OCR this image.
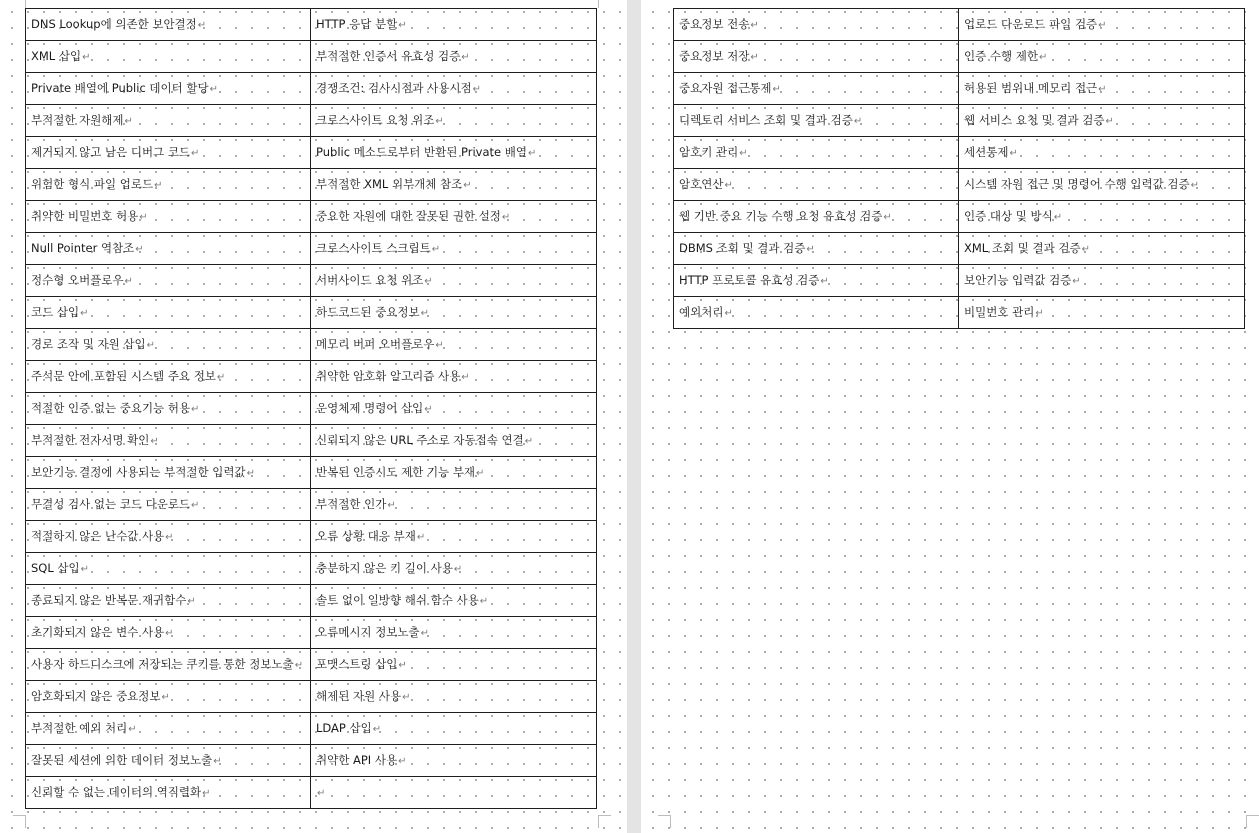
DNS Lookup에 의존한 보안결정↵	HTTP 응답 분할↵
XML 삽입↵	부적절한 인증서 유효성 검증↵
Private 배열에 Public 데이터 할당↵	경쟁조건: 검사시점과 사용시점↵
부적절한 자원해제↵	크로스사이트 요청 위조↵
제거되지 않고 남은 디버그 코드↵	Public 메소드로부터 반환된 Private 배열↵
위험한 형식 파일 업로드↵	부적절한 XML 외부개체 참조↵
취약한 비밀번호 허용↵	중요한 자원에 대한 잘못된 권한 설정↵
Null Pointer 역참조↵	크로스사이트 스크립트↵
정수형 오버플로우↵	서버사이드 요청 위조↵
코드 삽입↵	하드코드된 중요정보↵
경로 조작 및 자원 삽입↵	메모리 버퍼 오버플로우↵
주석문 안에 포함된 시스템 주요 정보↵	취약한 암호화 알고리즘 사용↵
적절한 인증 없는 중요기능 허용↵	운영체제 명령어 삽입↵
부적절한 전자서명 확인↵	신뢰되지 않은 URL 주소로 자동접속 연결↵
보안기능 결정에 사용되는 부적절한 입력값↵	반복된 인증시도 제한 기능 부재↵
무결성 검사 없는 코드 다운로드↵	부적절한 인가↵
적절하지 않은 난수값 사용↵	오류 상황 대응 부재↵
SQL 삽입↵	충분하지 않은 키 길이 사용↵
종료되지 않은 반복문 재귀함수↵	솔트 없이 일방향 해쉬 함수 사용↵
초기화되지 않은 변수 사용↵	오류메시지 정보노출↵
사용자 하드디스크에 저장되는 쿠키를 통한 정보노출↵	포맷스트링 삽입↵
암호화되지 않은 중요정보↵	해제된 자원 사용↵
부적절한 예외 처리↵	LDAP 삽입↵
잘못된 세션에 의한 데이터 정보노출↵	취약한 API 사용↵
신뢰할 수 없는 데이터의 역직렬화↵	↵
중요정보 전송↵	업로드 다운로드 파일 검증↵
중요정보 저장↵	인증 수행 제한↵
중요자원 접근통제↵	허용된 범위내 메모리 접근↵
디렉토리 서비스 조회 및 결과 검증↵	웹 서비스 요청 및 결과 검증↵
암호키 관리↵	세션통제↵
암호연산↵	시스템 자원 접근 및 명령어 수행 입력값 검증↵
웹 기반 중요 기능 수행 요청 유효성 검증↵	인증 대상 및 방식↵
DBMS 조회 및 결과 검증↵	XML 조회 및 결과 검증↵
HTTP 프로토콜 유효성 검증↵	보안기능 입력값 검증↵
예외처리↵	비밀번호 관리↵
